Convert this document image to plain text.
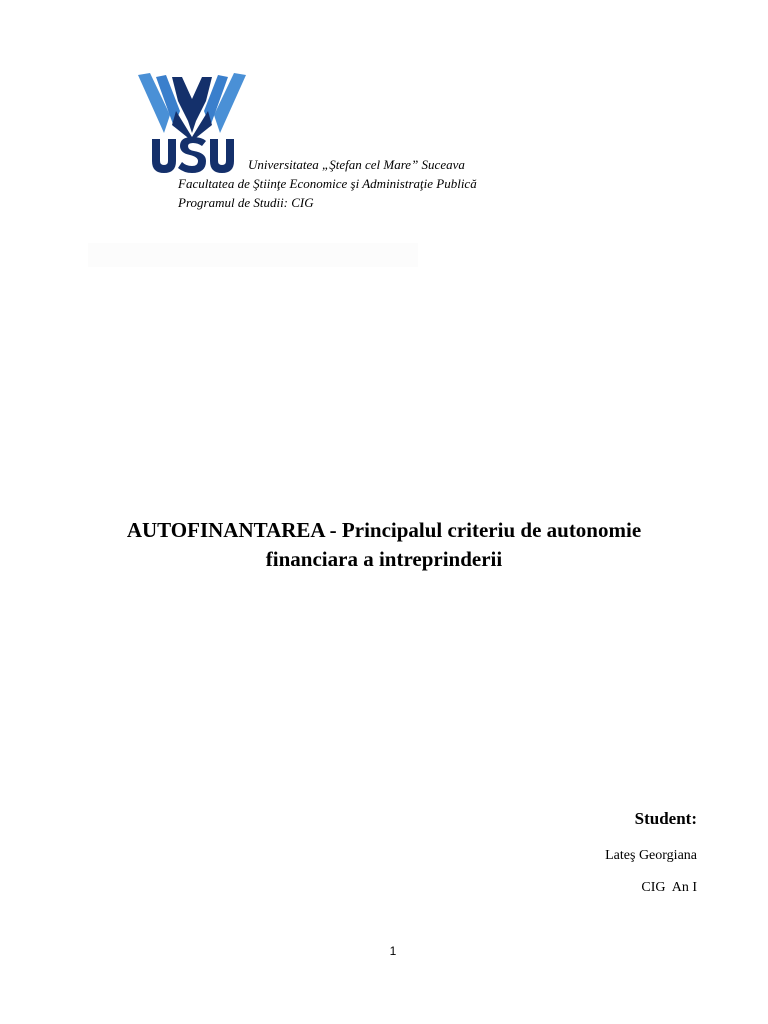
Universitatea „Ştefan cel Mare” Suceava
Facultatea de Ştiinţe Economice şi Administraţie Publică
Programul de Studii: CIG
AUTOFINANTAREA - Principalul criteriu de autonomie
financiara a intreprinderii
Student:
Lateş Georgiana
CIG  An I
1
